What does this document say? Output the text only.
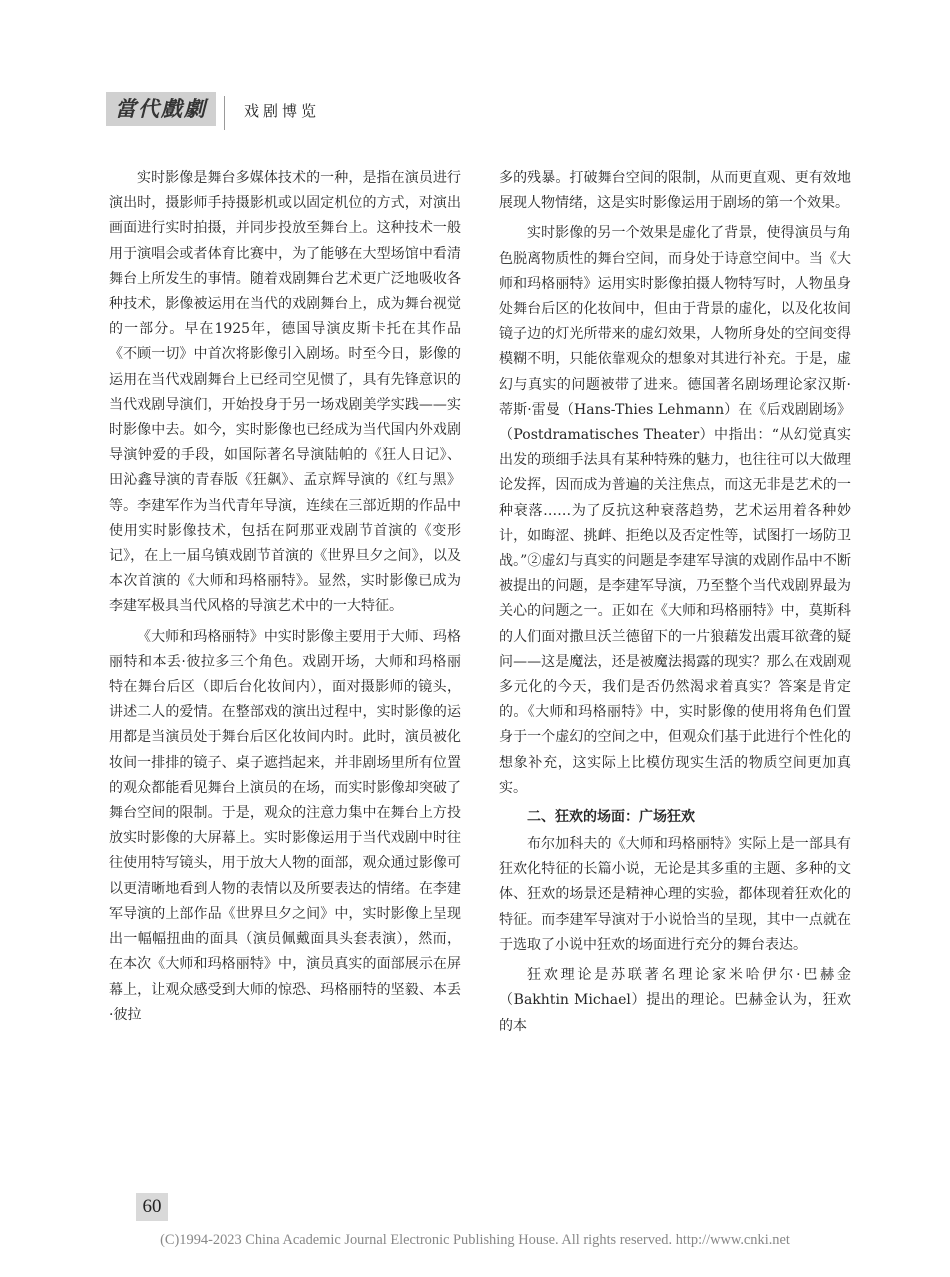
當代戲劇	戏剧博览

实时影像是舞台多媒体技术的一种，是指在演员进行演出时，摄影师手持摄影机或以固定机位的方式，对演出画面进行实时拍摄，并同步投放至舞台上。这种技术一般用于演唱会或者体育比赛中，为了能够在大型场馆中看清舞台上所发生的事情。随着戏剧舞台艺术更广泛地吸收各种技术，影像被运用在当代的戏剧舞台上，成为舞台视觉的一部分。早在1925年，德国导演皮斯卡托在其作品《不顾一切》中首次将影像引入剧场。时至今日，影像的运用在当代戏剧舞台上已经司空见惯了，具有先锋意识的当代戏剧导演们，开始投身于另一场戏剧美学实践——实时影像中去。如今，实时影像也已经成为当代国内外戏剧导演钟爱的手段，如国际著名导演陆帕的《狂人日记》、田沁鑫导演的青春版《狂飙》、孟京辉导演的《红与黑》等。李建军作为当代青年导演，连续在三部近期的作品中使用实时影像技术，包括在阿那亚戏剧节首演的《变形记》，在上一届乌镇戏剧节首演的《世界旦夕之间》，以及本次首演的《大师和玛格丽特》。显然，实时影像已成为李建军极具当代风格的导演艺术中的一大特征。

《大师和玛格丽特》中实时影像主要用于大师、玛格丽特和本丢·彼拉多三个角色。戏剧开场，大师和玛格丽特在舞台后区（即后台化妆间内），面对摄影师的镜头，讲述二人的爱情。在整部戏的演出过程中，实时影像的运用都是当演员处于舞台后区化妆间内时。此时，演员被化妆间一排排的镜子、桌子遮挡起来，并非剧场里所有位置的观众都能看见舞台上演员的在场，而实时影像却突破了舞台空间的限制。于是，观众的注意力集中在舞台上方投放实时影像的大屏幕上。实时影像运用于当代戏剧中时往往使用特写镜头，用于放大人物的面部，观众通过影像可以更清晰地看到人物的表情以及所要表达的情绪。在李建军导演的上部作品《世界旦夕之间》中，实时影像上呈现出一幅幅扭曲的面具（演员佩戴面具头套表演），然而，在本次《大师和玛格丽特》中，演员真实的面部展示在屏幕上，让观众感受到大师的惊恐、玛格丽特的坚毅、本丢·彼拉

多的残暴。打破舞台空间的限制，从而更直观、更有效地展现人物情绪，这是实时影像运用于剧场的第一个效果。

实时影像的另一个效果是虚化了背景，使得演员与角色脱离物质性的舞台空间，而身处于诗意空间中。当《大师和玛格丽特》运用实时影像拍摄人物特写时，人物虽身处舞台后区的化妆间中，但由于背景的虚化，以及化妆间镜子边的灯光所带来的虚幻效果，人物所身处的空间变得模糊不明，只能依靠观众的想象对其进行补充。于是，虚幻与真实的问题被带了进来。德国著名剧场理论家汉斯·蒂斯·雷曼（Hans-Thies Lehmann）在《后戏剧剧场》（Postdramatisches Theater）中指出：“从幻觉真实出发的琐细手法具有某种特殊的魅力，也往往可以大做理论发挥，因而成为普遍的关注焦点，而这无非是艺术的一种衰落……为了反抗这种衰落趋势，艺术运用着各种妙计，如晦涩、挑衅、拒绝以及否定性等，试图打一场防卫战。”②虚幻与真实的问题是李建军导演的戏剧作品中不断被提出的问题，是李建军导演，乃至整个当代戏剧界最为关心的问题之一。正如在《大师和玛格丽特》中，莫斯科的人们面对撒旦沃兰德留下的一片狼藉发出震耳欲聋的疑问——这是魔法，还是被魔法揭露的现实？那么在戏剧观多元化的今天，我们是否仍然渴求着真实？答案是肯定的。《大师和玛格丽特》中，实时影像的使用将角色们置身于一个虚幻的空间之中，但观众们基于此进行个性化的想象补充，这实际上比模仿现实生活的物质空间更加真实。

二、狂欢的场面：广场狂欢

布尔加科夫的《大师和玛格丽特》实际上是一部具有狂欢化特征的长篇小说，无论是其多重的主题、多种的文体、狂欢的场景还是精神心理的实验，都体现着狂欢化的特征。而李建军导演对于小说恰当的呈现，其中一点就在于选取了小说中狂欢的场面进行充分的舞台表达。

狂欢理论是苏联著名理论家米哈伊尔·巴赫金（Bakhtin Michael）提出的理论。巴赫金认为，狂欢的本

60
(C)1994-2023 China Academic Journal Electronic Publishing House. All rights reserved. http://www.cnki.net
